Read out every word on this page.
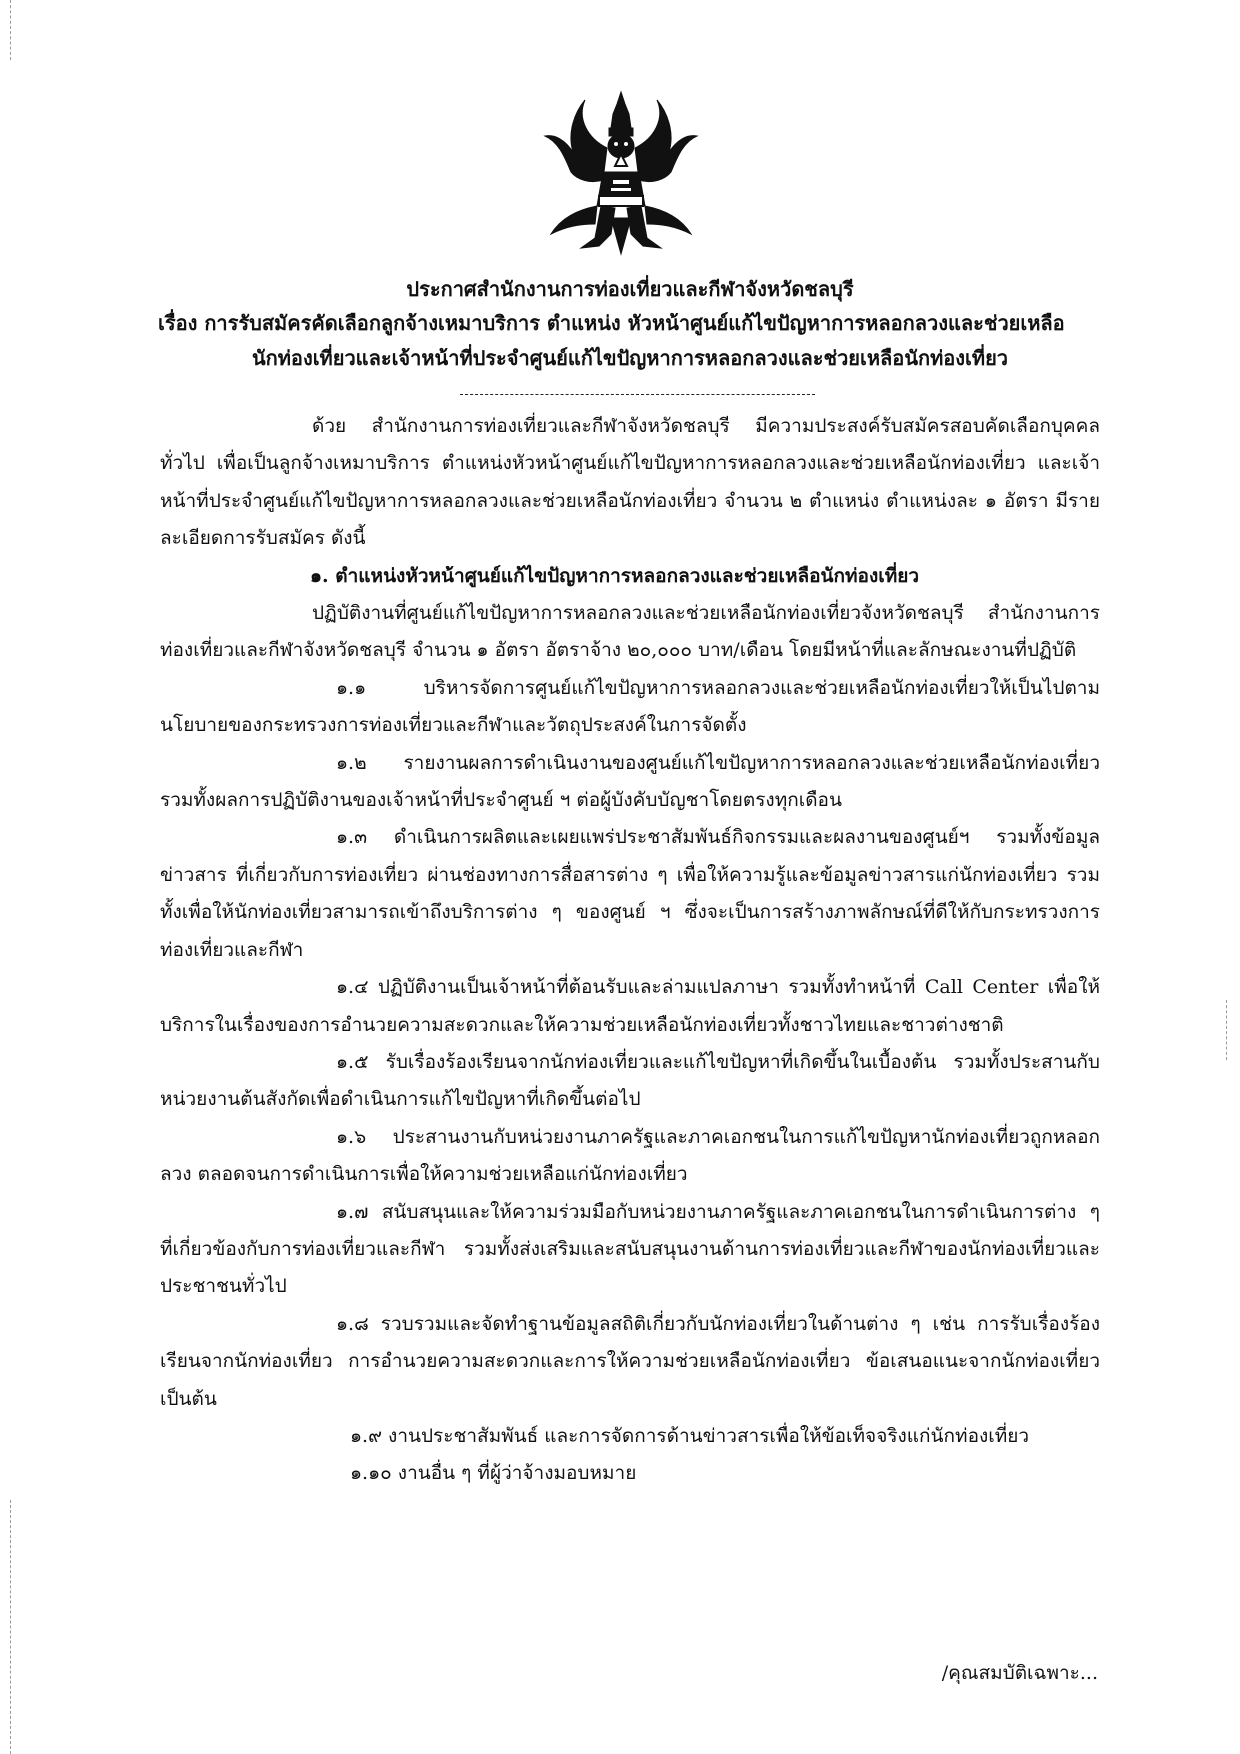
ประกาศสำนักงานการท่องเที่ยวและกีฬาจังหวัดชลบุรี
เรื่อง การรับสมัครคัดเลือกลูกจ้างเหมาบริการ ตำแหน่ง หัวหน้าศูนย์แก้ไขปัญหาการหลอกลวงและช่วยเหลือ
นักท่องเที่ยวและเจ้าหน้าที่ประจำศูนย์แก้ไขปัญหาการหลอกลวงและช่วยเหลือนักท่องเที่ยว

ด้วย สำนักงานการท่องเที่ยวและกีฬาจังหวัดชลบุรี มีความประสงค์รับสมัครสอบคัดเลือกบุคคลทั่วไป เพื่อเป็นลูกจ้างเหมาบริการ ตำแหน่งหัวหน้าศูนย์แก้ไขปัญหาการหลอกลวงและช่วยเหลือนักท่องเที่ยว และเจ้าหน้าที่ประจำศูนย์แก้ไขปัญหาการหลอกลวงและช่วยเหลือนักท่องเที่ยว จำนวน ๒ ตำแหน่ง ตำแหน่งละ ๑ อัตรา มีรายละเอียดการรับสมัคร ดังนี้

๑. ตำแหน่งหัวหน้าศูนย์แก้ไขปัญหาการหลอกลวงและช่วยเหลือนักท่องเที่ยว

ปฏิบัติงานที่ศูนย์แก้ไขปัญหาการหลอกลวงและช่วยเหลือนักท่องเที่ยวจังหวัดชลบุรี สำนักงานการท่องเที่ยวและกีฬาจังหวัดชลบุรี จำนวน ๑ อัตรา อัตราจ้าง ๒๐,๐๐๐ บาท/เดือน โดยมีหน้าที่และลักษณะงานที่ปฏิบัติ

๑.๑ บริหารจัดการศูนย์แก้ไขปัญหาการหลอกลวงและช่วยเหลือนักท่องเที่ยวให้เป็นไปตามนโยบายของกระทรวงการท่องเที่ยวและกีฬาและวัตถุประสงค์ในการจัดตั้ง

๑.๒ รายงานผลการดำเนินงานของศูนย์แก้ไขปัญหาการหลอกลวงและช่วยเหลือนักท่องเที่ยว รวมทั้งผลการปฏิบัติงานของเจ้าหน้าที่ประจำศูนย์ ฯ ต่อผู้บังคับบัญชาโดยตรงทุกเดือน

๑.๓ ดำเนินการผลิตและเผยแพร่ประชาสัมพันธ์กิจกรรมและผลงานของศูนย์ฯ รวมทั้งข้อมูลข่าวสาร ที่เกี่ยวกับการท่องเที่ยว ผ่านช่องทางการสื่อสารต่าง ๆ เพื่อให้ความรู้และข้อมูลข่าวสารแก่นักท่องเที่ยว รวมทั้งเพื่อให้นักท่องเที่ยวสามารถเข้าถึงบริการต่าง ๆ ของศูนย์ ฯ ซึ่งจะเป็นการสร้างภาพลักษณ์ที่ดีให้กับกระทรวงการท่องเที่ยวและกีฬา

๑.๔ ปฏิบัติงานเป็นเจ้าหน้าที่ต้อนรับและล่ามแปลภาษา รวมทั้งทำหน้าที่ Call Center เพื่อให้บริการในเรื่องของการอำนวยความสะดวกและให้ความช่วยเหลือนักท่องเที่ยวทั้งชาวไทยและชาวต่างชาติ

๑.๕ รับเรื่องร้องเรียนจากนักท่องเที่ยวและแก้ไขปัญหาที่เกิดขึ้นในเบื้องต้น รวมทั้งประสานกับหน่วยงานต้นสังกัดเพื่อดำเนินการแก้ไขปัญหาที่เกิดขึ้นต่อไป

๑.๖ ประสานงานกับหน่วยงานภาครัฐและภาคเอกชนในการแก้ไขปัญหานักท่องเที่ยวถูกหลอกลวง ตลอดจนการดำเนินการเพื่อให้ความช่วยเหลือแก่นักท่องเที่ยว

๑.๗ สนับสนุนและให้ความร่วมมือกับหน่วยงานภาครัฐและภาคเอกชนในการดำเนินการต่าง ๆ ที่เกี่ยวข้องกับการท่องเที่ยวและกีฬา รวมทั้งส่งเสริมและสนับสนุนงานด้านการท่องเที่ยวและกีฬาของนักท่องเที่ยวและประชาชนทั่วไป

๑.๘ รวบรวมและจัดทำฐานข้อมูลสถิติเกี่ยวกับนักท่องเที่ยวในด้านต่าง ๆ เช่น การรับเรื่องร้องเรียนจากนักท่องเที่ยว การอำนวยความสะดวกและการให้ความช่วยเหลือนักท่องเที่ยว ข้อเสนอแนะจากนักท่องเที่ยว เป็นต้น

๑.๙ งานประชาสัมพันธ์ และการจัดการด้านข่าวสารเพื่อให้ข้อเท็จจริงแก่นักท่องเที่ยว

๑.๑๐ งานอื่น ๆ ที่ผู้ว่าจ้างมอบหมาย

/คุณสมบัติเฉพาะ...
